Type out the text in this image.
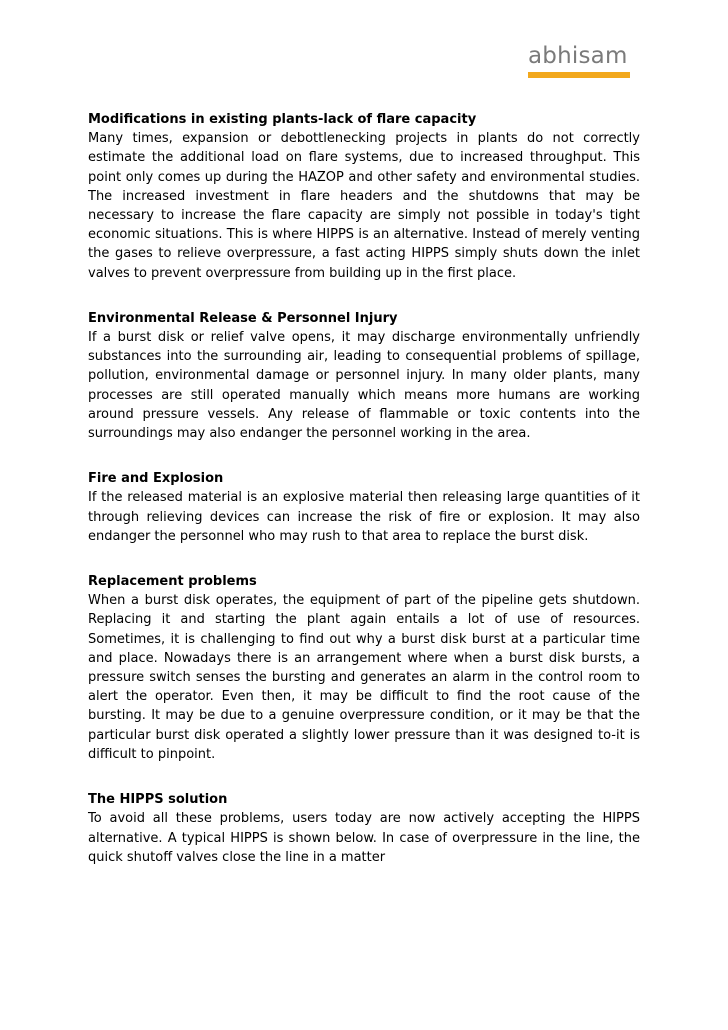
abhisam

Modifications in existing plants-lack of flare capacity

Many times, expansion or debottlenecking projects in plants do not correctly estimate the additional load on flare systems, due to increased throughput. This point only comes up during the HAZOP and other safety and environmental studies. The increased investment in flare headers and the shutdowns that may be necessary to increase the flare capacity are simply not possible in today's tight economic situations. This is where HIPPS is an alternative. Instead of merely venting the gases to relieve overpressure, a fast acting HIPPS simply shuts down the inlet valves to prevent overpressure from building up in the first place.

Environmental Release & Personnel Injury

If a burst disk or relief valve opens, it may discharge environmentally unfriendly substances into the surrounding air, leading to consequential problems of spillage, pollution, environmental damage or personnel injury. In many older plants, many processes are still operated manually which means more humans are working around pressure vessels. Any release of flammable or toxic contents into the surroundings may also endanger the personnel working in the area.

Fire and Explosion

If the released material is an explosive material then releasing large quantities of it through relieving devices can increase the risk of fire or explosion. It may also endanger the personnel who may rush to that area to replace the burst disk.

Replacement problems

When a burst disk operates, the equipment of part of the pipeline gets shutdown. Replacing it and starting the plant again entails a lot of use of resources. Sometimes, it is challenging to find out why a burst disk burst at a particular time and place. Nowadays there is an arrangement where when a burst disk bursts, a pressure switch senses the bursting and generates an alarm in the control room to alert the operator. Even then, it may be difficult to find the root cause of the bursting. It may be due to a genuine overpressure condition, or it may be that the particular burst disk operated a slightly lower pressure than it was designed to-it is difficult to pinpoint.

The HIPPS solution

To avoid all these problems, users today are now actively accepting the HIPPS alternative. A typical HIPPS is shown below. In case of overpressure in the line, the quick shutoff valves close the line in a matter
